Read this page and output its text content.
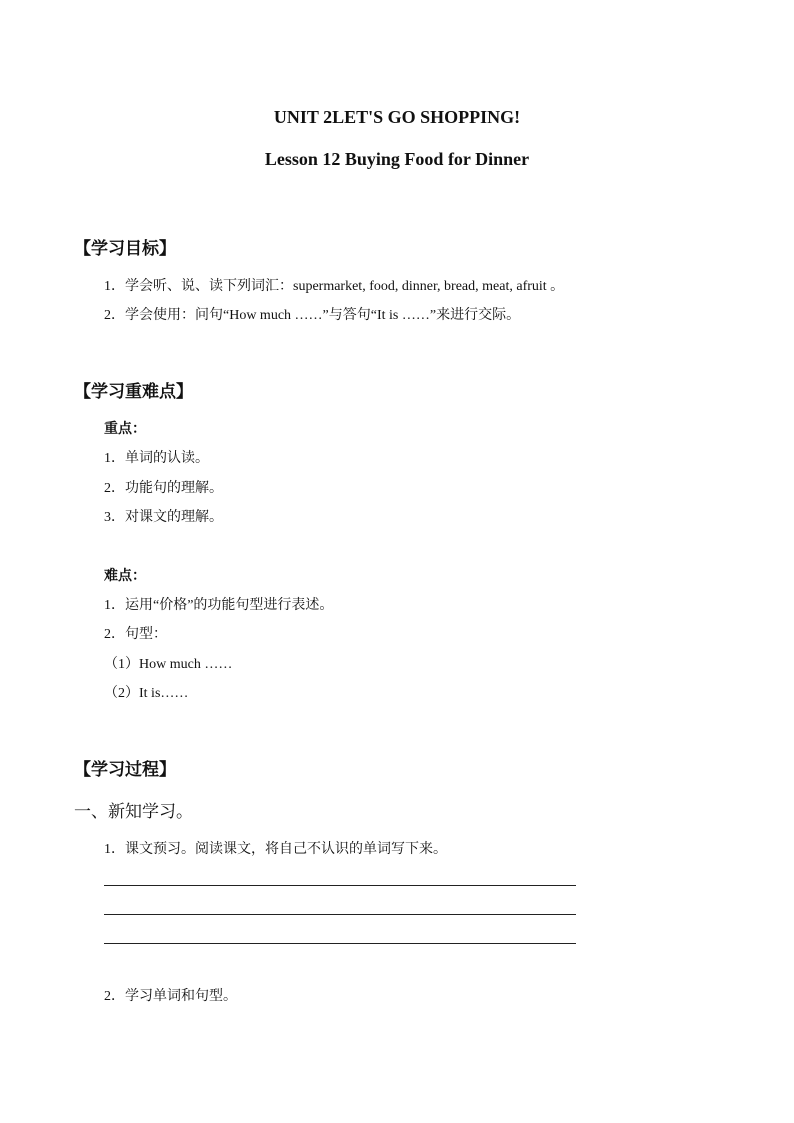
UNIT 2LET'S GO SHOPPING!
Lesson 12 Buying Food for Dinner
【学习目标】
1．学会听、说、读下列词汇：supermarket, food, dinner, bread, meat, afruit 。
2．学会使用：问句“How much ……”与答句“It is ……”来进行交际。
【学习重难点】
重点：
1．单词的认读。
2．功能句的理解。
3．对课文的理解。
难点：
1．运用“价格”的功能句型进行表述。
2．句型：
（1）How much ……
（2）It is……
【学习过程】
一、新知学习。
1．课文预习。阅读课文，将自己不认识的单词写下来。
2．学习单词和句型。
